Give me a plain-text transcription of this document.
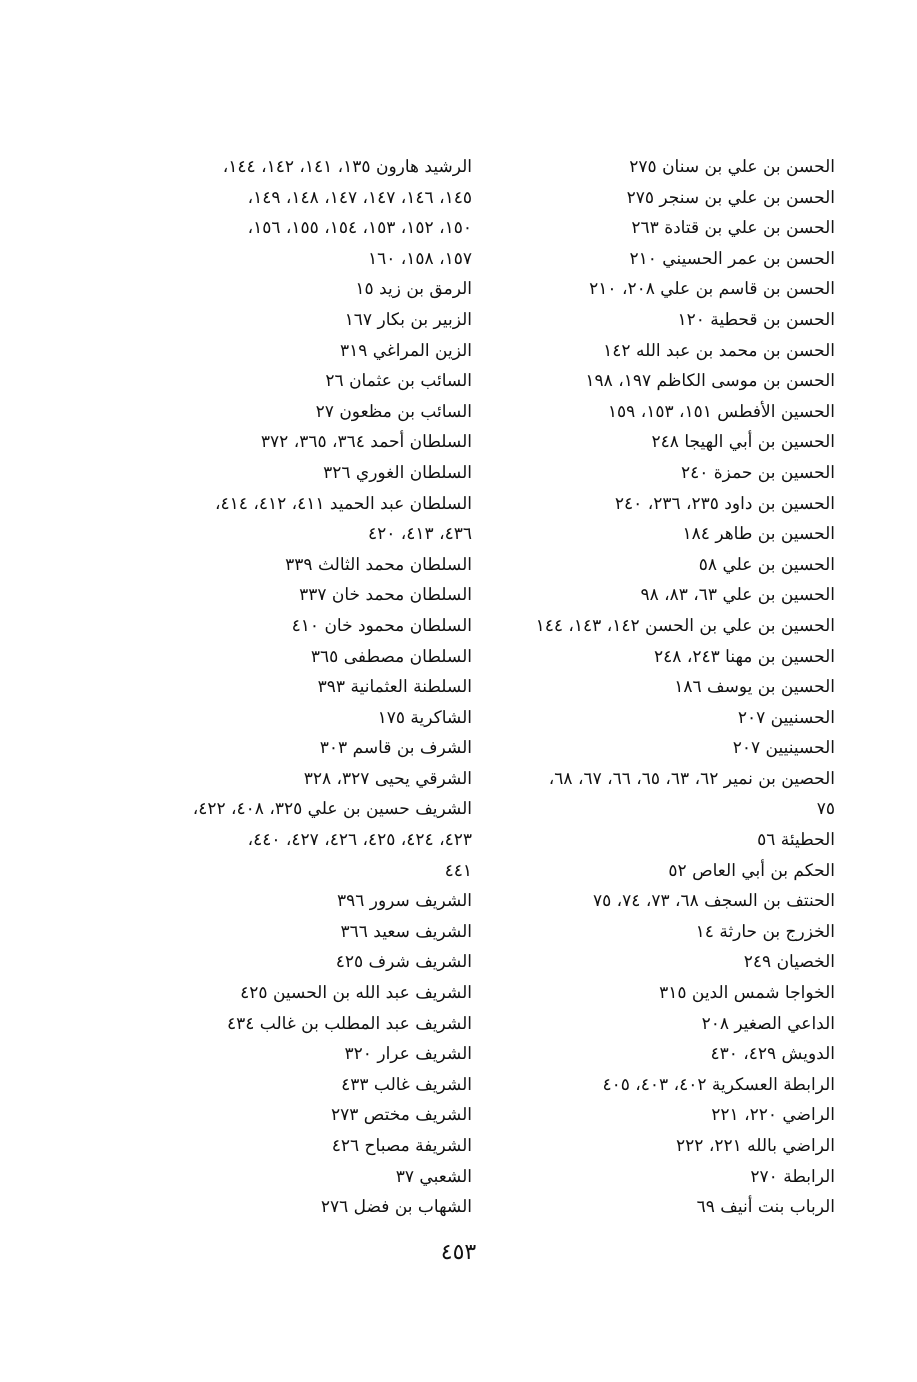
الحسن بن علي بن سنان ٢٧٥
الحسن بن علي بن سنجر ٢٧٥
الحسن بن علي بن قتادة ٢٦٣
الحسن بن عمر الحسيني ٢١٠
الحسن بن قاسم بن علي ٢٠٨، ٢١٠
الحسن بن قحطية ١٢٠
الحسن بن محمد بن عبد الله ١٤٢
الحسن بن موسى الكاظم ١٩٧، ١٩٨
الحسين الأفطس ١٥١، ١٥٣، ١٥٩
الحسين بن أبي الهيجا ٢٤٨
الحسين بن حمزة ٢٤٠
الحسين بن داود ٢٣٥، ٢٣٦، ٢٤٠
الحسين بن طاهر ١٨٤
الحسين بن علي ٥٨
الحسين بن علي ٦٣، ٨٣، ٩٨
الحسين بن علي بن الحسن ١٤٢، ١٤٣، ١٤٤
الحسين بن مهنا ٢٤٣، ٢٤٨
الحسين بن يوسف ١٨٦
الحسنيين ٢٠٧
الحسينيين ٢٠٧
الحصين بن نمير ٦٢، ٦٣، ٦٥، ٦٦، ٦٧، ٦٨،
٧٥
الحطيئة ٥٦
الحكم بن أبي العاص ٥٢
الحنتف بن السجف ٦٨، ٧٣، ٧٤، ٧٥
الخزرج بن حارثة ١٤
الخصيان ٢٤٩
الخواجا شمس الدين ٣١٥
الداعي الصغير ٢٠٨
الدويش ٤٢٩، ٤٣٠
الرابطة العسكرية ٤٠٢، ٤٠٣، ٤٠٥
الراضي ٢٢٠، ٢٢١
الراضي بالله ٢٢١، ٢٢٢
الرابطة ٢٧٠
الرباب بنت أنيف ٦٩
الرشيد هارون ١٣٥، ١٤١، ١٤٢، ١٤٤،
١٤٥، ١٤٦، ١٤٧، ١٤٧، ١٤٨، ١٤٩،
١٥٠، ١٥٢، ١٥٣، ١٥٤، ١٥٥، ١٥٦،
١٥٧، ١٥٨، ١٦٠
الرمق بن زيد ١٥
الزبير بن بكار ١٦٧
الزين المراغي ٣١٩
السائب بن عثمان ٢٦
السائب بن مظعون ٢٧
السلطان أحمد ٣٦٤، ٣٦٥، ٣٧٢
السلطان الغوري ٣٢٦
السلطان عبد الحميد ٤١١، ٤١٢، ٤١٤،
٤٣٦، ٤١٣، ٤٢٠
السلطان محمد الثالث ٣٣٩
السلطان محمد خان ٣٣٧
السلطان محمود خان ٤١٠
السلطان مصطفى ٣٦٥
السلطنة العثمانية ٣٩٣
الشاكرية ١٧٥
الشرف بن قاسم ٣٠٣
الشرقي يحيى ٣٢٧، ٣٢٨
الشريف حسين بن علي ٣٢٥، ٤٠٨، ٤٢٢،
٤٢٣، ٤٢٤، ٤٢٥، ٤٢٦، ٤٢٧، ٤٤٠،
٤٤١
الشريف سرور ٣٩٦
الشريف سعيد ٣٦٦
الشريف شرف ٤٢٥
الشريف عبد الله بن الحسين ٤٢٥
الشريف عبد المطلب بن غالب ٤٣٤
الشريف عرار ٣٢٠
الشريف غالب ٤٣٣
الشريف مختص ٢٧٣
الشريفة مصباح ٤٢٦
الشعبي ٣٧
الشهاب بن فضل ٢٧٦
٤٥٣
